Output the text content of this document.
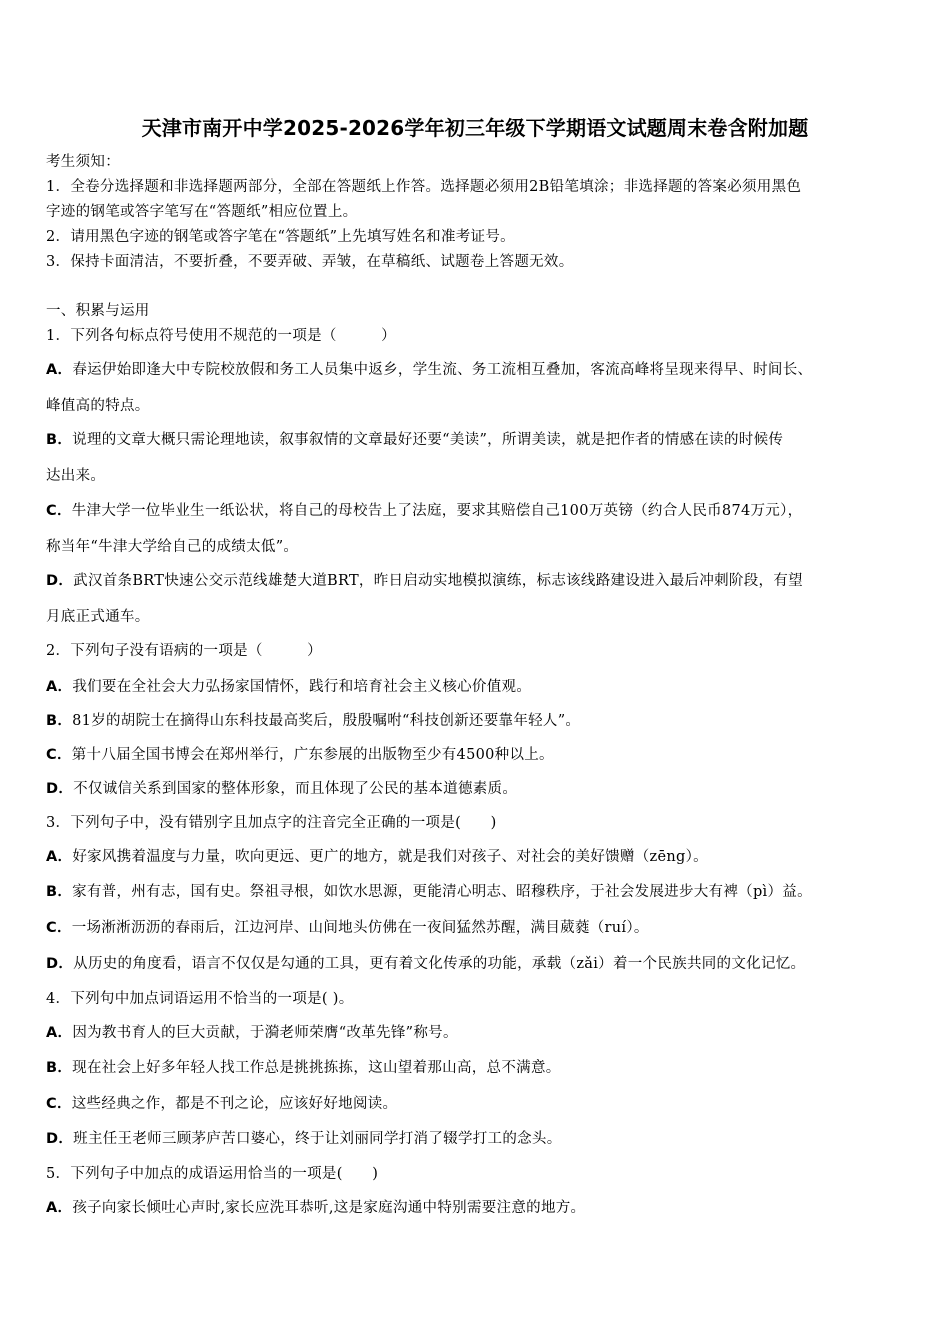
天津市南开中学2025-2026学年初三年级下学期语文试题周末卷含附加题
考生须知：
1．全卷分选择题和非选择题两部分，全部在答题纸上作答。选择题必须用2B铅笔填涂；非选择题的答案必须用黑色
字迹的钢笔或答字笔写在“答题纸”相应位置上。
2．请用黑色字迹的钢笔或答字笔在“答题纸”上先填写姓名和准考证号。
3．保持卡面清洁，不要折叠，不要弄破、弄皱，在草稿纸、试题卷上答题无效。
一、积累与运用
1．下列各句标点符号使用不规范的一项是（　　　）
A．春运伊始即逢大中专院校放假和务工人员集中返乡，学生流、务工流相互叠加，客流高峰将呈现来得早、时间长、
峰值高的特点。
B．说理的文章大概只需论理地读，叙事叙情的文章最好还要“美读”，所谓美读，就是把作者的情感在读的时候传
达出来。
C．牛津大学一位毕业生一纸讼状，将自己的母校告上了法庭，要求其赔偿自己100万英镑（约合人民币874万元），
称当年“牛津大学给自己的成绩太低”。
D．武汉首条BRT快速公交示范线雄楚大道BRT，昨日启动实地模拟演练，标志该线路建设进入最后冲刺阶段，有望
月底正式通车。
2．下列句子没有语病的一项是（　　　）
A．我们要在全社会大力弘扬家国情怀，践行和培育社会主义核心价值观。
B．81岁的胡院士在摘得山东科技最高奖后，殷殷嘱咐“科技创新还要靠年轻人”。
C．第十八届全国书博会在郑州举行，广东参展的出版物至少有4500种以上。
D．不仅诚信关系到国家的整体形象，而且体现了公民的基本道德素质。
3．下列句子中，没有错别字且加点字的注音完全正确的一项是(　　)
A．好家风携着温度与力量，吹向更远、更广的地方，就是我们对孩子、对社会的美好馈赠（zēng）。
B．家有普，州有志，国有史。祭祖寻根，如饮水思源，更能清心明志、昭穆秩序，于社会发展进步大有裨（pì）益。
C．一场淅淅沥沥的春雨后，江边河岸、山间地头仿佛在一夜间猛然苏醒，满目葳蕤（ruí）。
D．从历史的角度看，语言不仅仅是勾通的工具，更有着文化传承的功能，承载（zǎi）着一个民族共同的文化记忆。
4．下列句中加点词语运用不恰当的一项是( )。
A．因为教书育人的巨大贡献，于漪老师荣膺“改革先锋”称号。
B．现在社会上好多年轻人找工作总是挑挑拣拣，这山望着那山高，总不满意。
C．这些经典之作，都是不刊之论，应该好好地阅读。
D．班主任王老师三顾茅庐苦口婆心，终于让刘丽同学打消了辍学打工的念头。
5．下列句子中加点的成语运用恰当的一项是(　　)
A．孩子向家长倾吐心声时,家长应洗耳恭听,这是家庭沟通中特别需要注意的地方。
